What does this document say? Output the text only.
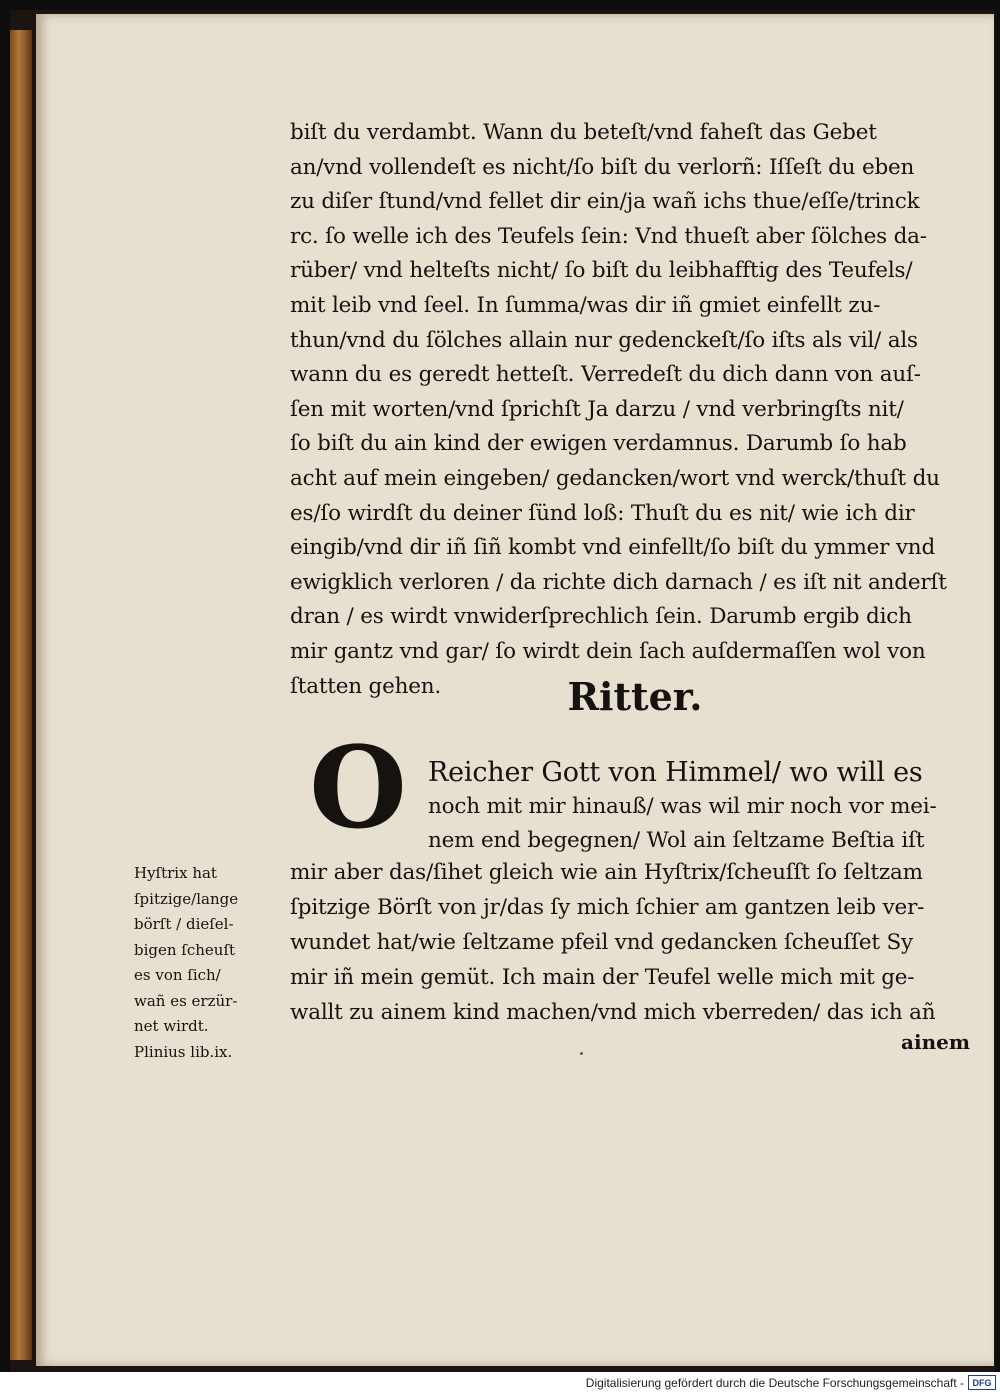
biſt du verdambt. Wann du beteſt/vnd faheſt das Gebet
an/vnd vollendeſt es nicht/ſo biſt du verlorñ: Iſſeſt du eben
zu diſer ſtund/vnd fellet dir ein/ja wañ ichs thue/eſſe/trinck
rc. ſo welle ich des Teufels ſein: Vnd thueſt aber ſölches da-
rüber/ vnd helteſts nicht/ ſo biſt du leibhafftig des Teufels/
mit leib vnd ſeel. In ſumma/was dir iñ gmiet einfellt zu-
thun/vnd du ſölches allain nur gedenckeſt/ſo iſts als vil/ als
wann du es geredt hetteſt. Verredeſt du dich dann von auſ-
ſen mit worten/vnd ſprichſt Ja darzu / vnd verbringſts nit/
ſo biſt du ain kind der ewigen verdamnus. Darumb ſo hab
acht auf mein eingeben/ gedancken/wort vnd werck/thuſt du
es/ſo wirdſt du deiner ſünd loß: Thuſt du es nit/ wie ich dir
eingib/vnd dir iñ ſiñ kombt vnd einfellt/ſo biſt du ymmer vnd
ewigklich verloren / da richte dich darnach / es iſt nit anderſt
dran / es wirdt vnwiderſprechlich ſein. Darumb ergib dich
mir gantz vnd gar/ ſo wirdt dein ſach auſdermaſſen wol von
ſtatten gehen.	Ritter.
O Reicher Gott von Himmel/ wo will es
noch mit mir hinauß/ was wil mir noch vor mei-
nem end begegnen/ Wol ain ſeltzame Beſtia iſt
mir aber das/ſihet gleich wie ain Hyſtrix/ſcheuſſt ſo ſeltzam
ſpitzige Börſt von jr/das ſy mich ſchier am gantzen leib ver-
wundet hat/wie ſeltzame pfeil vnd gedancken ſcheuſſet Sy
mir iñ mein gemüt. Ich main der Teufel welle mich mit ge-
wallt zu ainem kind machen/vnd mich vberreden/ das ich añ
Hyſtrix hat
ſpitzige/lange
börſt / dieſel-
bigen ſcheuſt
es von ſich/
wañ es erzür-
net wirdt.
Plinius lib.ix.	ainem
Digitalisierung gefördert durch die Deutsche Forschungsgemeinschaft - DFG
